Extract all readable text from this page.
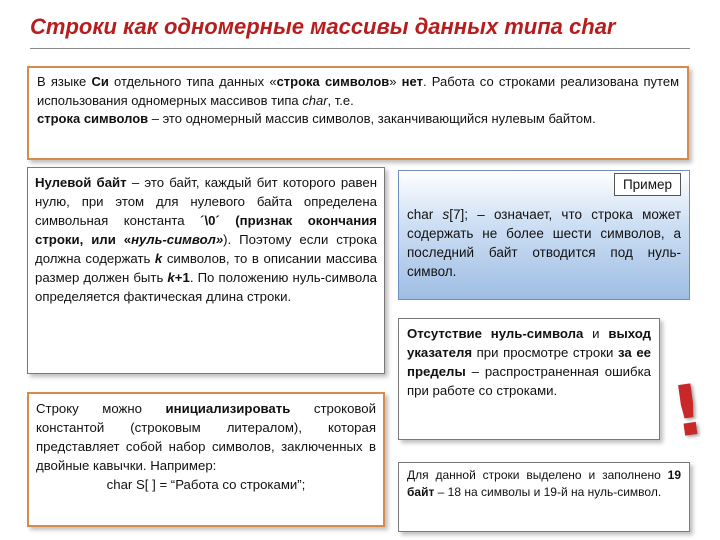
Строки как одномерные массивы данных типа char
В языке Си отдельного типа данных «строка символов» нет. Работа со строками реализована путем использования одномерных массивов типа char, т.е.
строка символов – это одномерный массив символов, заканчивающийся нулевым байтом.
Нулевой байт – это байт, каждый бит которого равен нулю, при этом для нулевого байта определена символьная константа ´\0´ (признак окончания строки, или «нуль-символ»). Поэтому если строка должна содержать k символов, то в описании массива размер должен быть k+1. По положению нуль-символа определяется фактическая длина строки.
Строку можно инициализировать строковой константой (строковым литералом), которая представляет собой набор символов, заключенных в двойные кавычки. Например:
char S[ ] = “Работа со строками”;
Пример
char s[7]; – означает, что строка может содержать не более шести символов, а последний байт отводится под нуль-символ.
Отсутствие нуль-символа и выход указателя при просмотре строки за ее пределы – распространенная ошибка при работе со строками.	!
Для данной строки выделено и заполнено 19 байт – 18 на символы и 19-й на нуль-символ.
